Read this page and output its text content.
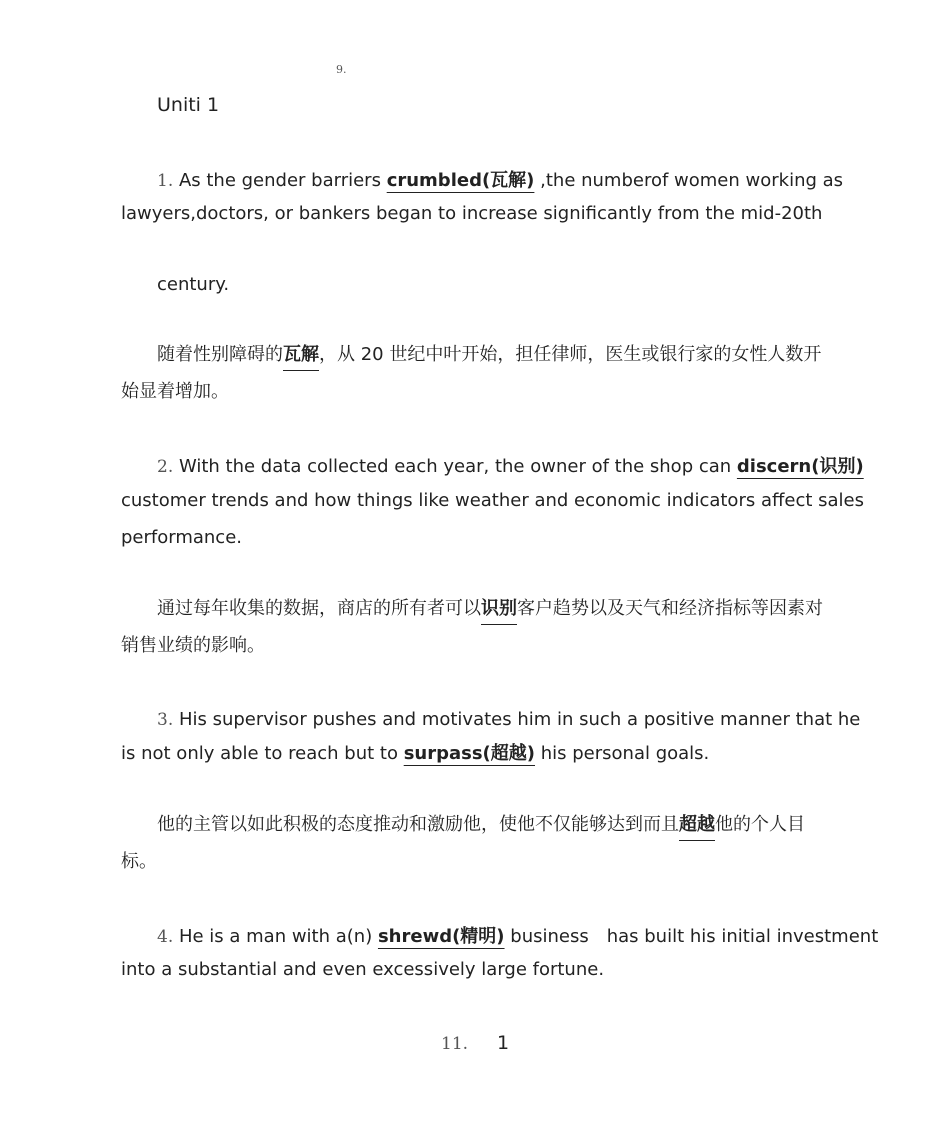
9.
Uniti 1
1. As the gender barriers crumbled(瓦解) ,the numberof women working as
lawyers,doctors, or bankers began to increase significantly from the mid-20th
century.
随着性别障碍的瓦解，从 20 世纪中叶开始，担任律师，医生或银行家的女性人数开
始显着增加。
2. With the data collected each year, the owner of the shop can discern(识别)
customer trends and how things like weather and economic indicators affect sales
performance.
通过每年收集的数据，商店的所有者可以识别客户趋势以及天气和经济指标等因素对
销售业绩的影响。
3. His supervisor pushes and motivates him in such a positive manner that he
is not only able to reach but to surpass(超越) his personal goals.
他的主管以如此积极的态度推动和激励他，使他不仅能够达到而且超越他的个人目
标。
4. He is a man with a(n) shrewd(精明) business　has built his initial investment
into a substantial and even excessively large fortune.
11. 1
